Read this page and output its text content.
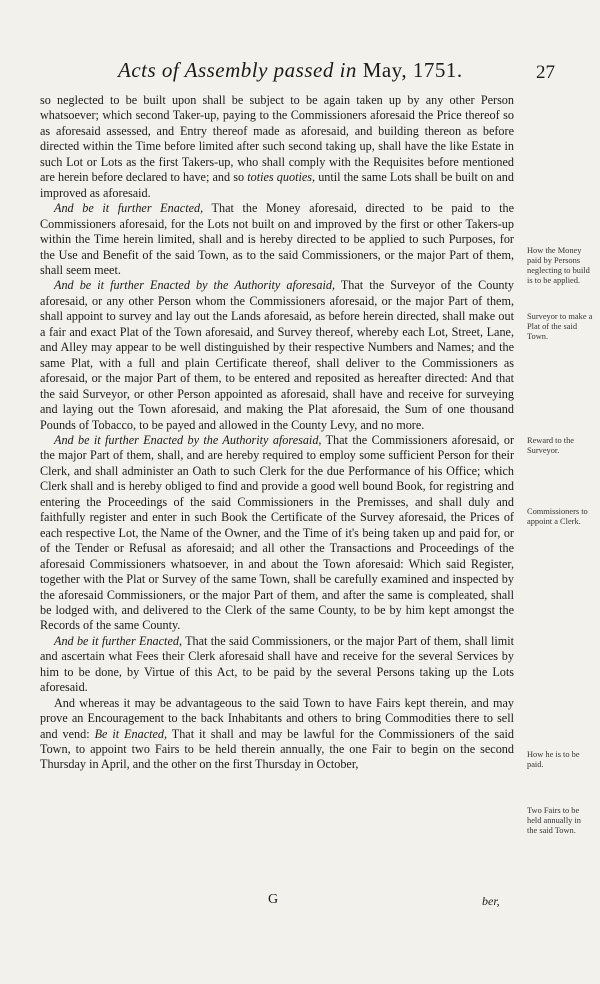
Acts of Assembly passed in May, 1751.	27

so neglected to be built upon shall be subject to be again taken up by any other Person whatsoever; which second Taker-up, paying to the Commissioners aforesaid the Price thereof so as aforesaid assessed, and Entry thereof made as aforesaid, and building thereon as before directed within the Time before limited after such second taking up, shall have the like Estate in such Lot or Lots as the first Takers-up, who shall comply with the Requisites before mentioned are herein before declared to have; and so toties quoties, until the same Lots shall be built on and improved as aforesaid.

And be it further Enacted, That the Money aforesaid, directed to be paid to the Commissioners aforesaid, for the Lots not built on and improved by the first or other Takers-up within the Time herein limited, shall and is hereby directed to be applied to such Purposes, for the Use and Benefit of the said Town, as to the said Commissioners, or the major Part of them, shall seem meet.

And be it further Enacted by the Authority aforesaid, That the Surveyor of the County aforesaid, or any other Person whom the Commissioners aforesaid, or the major Part of them, shall appoint to survey and lay out the Lands aforesaid, as before herein directed, shall make out a fair and exact Plat of the Town aforesaid, and Survey thereof, whereby each Lot, Street, Lane, and Alley may appear to be well distinguished by their respective Numbers and Names; and the same Plat, with a full and plain Certificate thereof, shall deliver to the Commissioners as aforesaid, or the major Part of them, to be entered and reposited as hereafter directed: And that the said Surveyor, or other Person appointed as aforesaid, shall have and receive for surveying and laying out the Town aforesaid, and making the Plat aforesaid, the Sum of one thousand Pounds of Tobacco, to be payed and allowed in the County Levy, and no more.

And be it further Enacted by the Authority aforesaid, That the Commissioners aforesaid, or the major Part of them, shall, and are hereby required to employ some sufficient Person for their Clerk, and shall administer an Oath to such Clerk for the due Performance of his Office; which Clerk shall and is hereby obliged to find and provide a good well bound Book, for registring and entering the Proceedings of the said Commissioners in the Premisses, and shall duly and faithfully register and enter in such Book the Certificate of the Survey aforesaid, the Prices of each respective Lot, the Name of the Owner, and the Time of it's being taken up and paid for, or of the Tender or Refusal as aforesaid; and all other the Transactions and Proceedings of the aforesaid Commissioners whatsoever, in and about the Town aforesaid: Which said Register, together with the Plat or Survey of the same Town, shall be carefully examined and inspected by the aforesaid Commissioners, or the major Part of them, and after the same is compleated, shall be lodged with, and delivered to the Clerk of the same County, to be by him kept amongst the Records of the same County.

And be it further Enacted, That the said Commissioners, or the major Part of them, shall limit and ascertain what Fees their Clerk aforesaid shall have and receive for the several Services by him to be done, by Virtue of this Act, to be paid by the several Persons taking up the Lots aforesaid.

And whereas it may be advantageous to the said Town to have Fairs kept therein, and may prove an Encouragement to the back Inhabitants and others to bring Commodities there to sell and vend: Be it Enacted, That it shall and may be lawful for the Commissioners of the said Town, to appoint two Fairs to be held therein annually, the one Fair to begin on the second Thursday in April, and the other on the first Thursday in October,

How the Money paid by Persons neglecting to build is to be applied.
Surveyor to make a Plat of the said Town.
Reward to the Surveyor.
Commissioners to appoint a Clerk.
How he is to be paid.
Two Fairs to be held annually in the said Town.
G	ber,
